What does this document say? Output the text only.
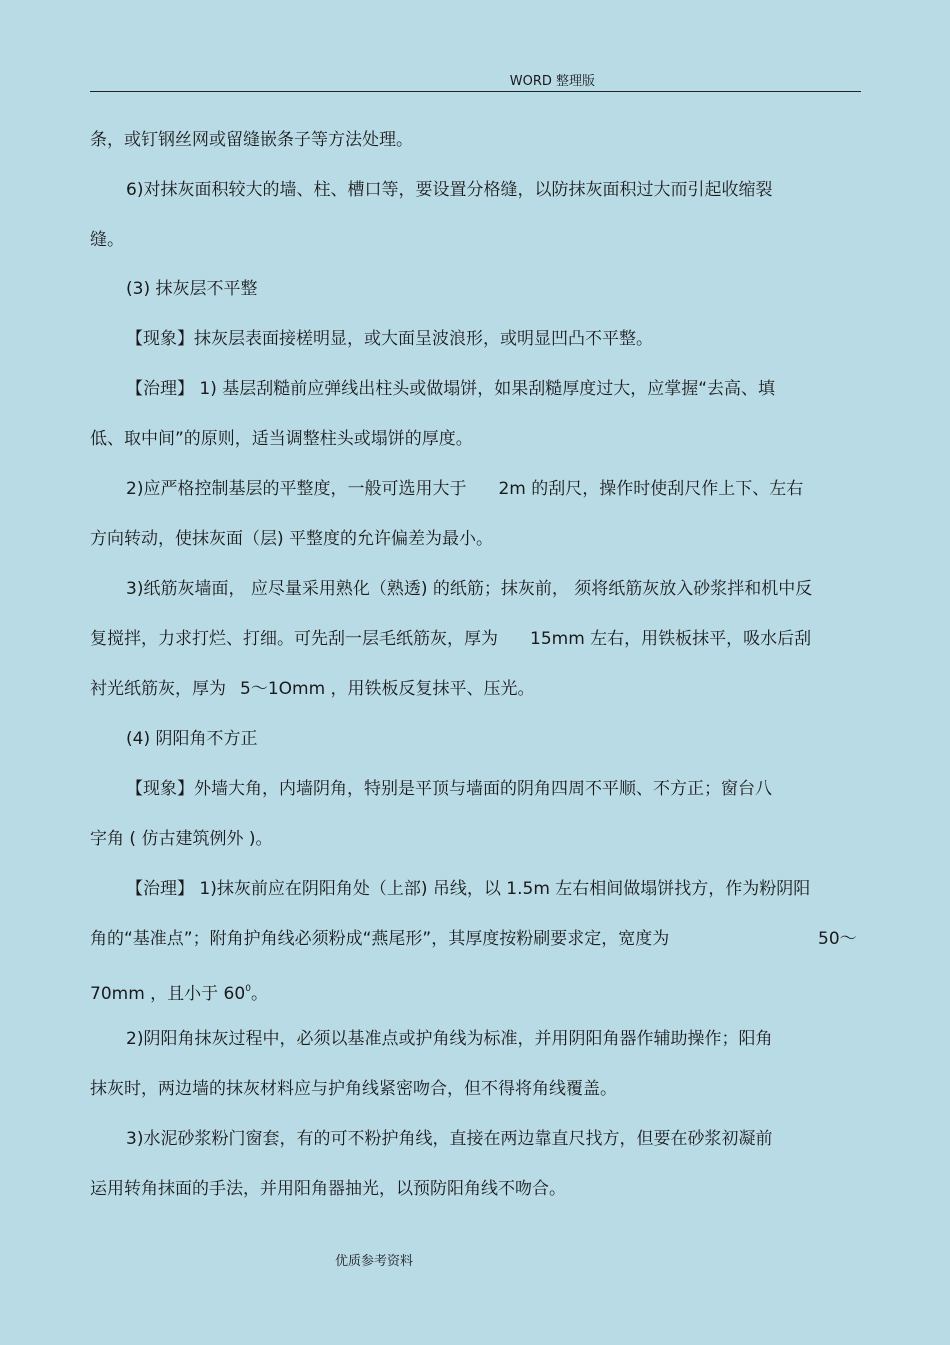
WORD 整理版
条，或钉钢丝网或留缝嵌条子等方法处理。
6)对抹灰面积较大的墙、柱、槽口等，要设置分格缝，以防抹灰面积过大而引起收缩裂
缝。
(3) 抹灰层不平整
【现象】抹灰层表面接槎明显，或大面呈波浪形，或明显凹凸不平整。
【治理】 1) 基层刮糙前应弹线出柱头或做塌饼，如果刮糙厚度过大，应掌握“去高、填
低、取中间”的原则，适当调整柱头或塌饼的厚度。
2)应严格控制基层的平整度，一般可选用大于 2m 的刮尺，操作时使刮尺作上下、左右
方向转动，使抹灰面（层) 平整度的允许偏差为最小。
3)纸筋灰墙面， 应尽量采用熟化（熟透) 的纸筋；抹灰前， 须将纸筋灰放入砂浆拌和机中反
复搅拌，力求打烂、打细。可先刮一层毛纸筋灰，厚为 15mm 左右，用铁板抹平，吸水后刮
衬光纸筋灰，厚为 5～1Omm ，用铁板反复抹平、压光。
(4) 阴阳角不方正
【现象】外墙大角，内墙阴角，特别是平顶与墙面的阴角四周不平顺、不方正；窗台八
字角 ( 仿古建筑例外 )。
【治理】 1)抹灰前应在阴阳角处（上部) 吊线，以 1.5m 左右相间做塌饼找方，作为粉阴阳
角的“基准点”；附角护角线必须粉成“燕尾形”，其厚度按粉刷要求定，宽度为	50～
70mm ，且小于 $60^0$。
2)阴阳角抹灰过程中，必须以基准点或护角线为标准，并用阴阳角器作辅助操作；阳角
抹灰时，两边墙的抹灰材料应与护角线紧密吻合，但不得将角线覆盖。
3)水泥砂浆粉门窗套，有的可不粉护角线，直接在两边靠直尺找方，但要在砂浆初凝前
运用转角抹面的手法，并用阳角器抽光，以预防阳角线不吻合。
优质参考资料
